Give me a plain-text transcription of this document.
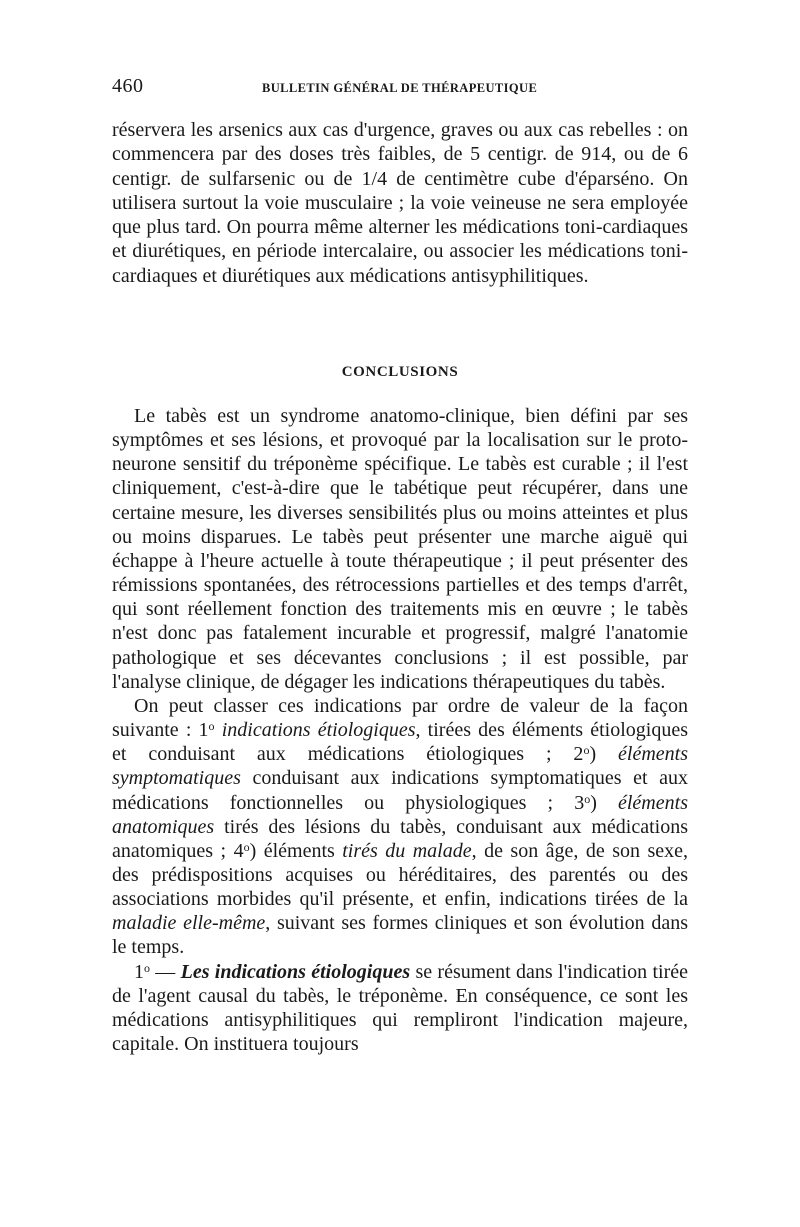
460	BULLETIN GÉNÉRAL DE THÉRAPEUTIQUE

réservera les arsenics aux cas d'urgence, graves ou aux cas rebelles : on commencera par des doses très faibles, de 5 centigr. de 914, ou de 6 centigr. de sulfarsenic ou de 1/4 de centimètre cube d'éparséno. On utilisera surtout la voie musculaire ; la voie veineuse ne sera employée que plus tard. On pourra même alterner les médications toni-cardiaques et diurétiques, en période intercalaire, ou associer les médications toni-cardiaques et diurétiques aux médications antisyphilitiques.

CONCLUSIONS

Le tabès est un syndrome anatomo-clinique, bien défini par ses symptômes et ses lésions, et provoqué par la localisation sur le proto-neurone sensitif du tréponème spécifique. Le tabès est curable ; il l'est cliniquement, c'est-à-dire que le tabétique peut récupérer, dans une certaine mesure, les diverses sensibilités plus ou moins atteintes et plus ou moins disparues. Le tabès peut présenter une marche aiguë qui échappe à l'heure actuelle à toute thérapeutique ; il peut présenter des rémissions spontanées, des rétrocessions partielles et des temps d'arrêt, qui sont réellement fonction des traitements mis en œuvre ; le tabès n'est donc pas fatalement incurable et progressif, malgré l'anatomie pathologique et ses décevantes conclusions ; il est possible, par l'analyse clinique, de dégager les indications thérapeutiques du tabès.

On peut classer ces indications par ordre de valeur de la façon suivante : 1$^o$ indications étiologiques, tirées des éléments étiologiques et conduisant aux médications étiologiques ; 2$^o$) éléments symptomatiques conduisant aux indications symptomatiques et aux médications fonctionnelles ou physiologiques ; 3$^o$) éléments anatomiques tirés des lésions du tabès, conduisant aux médications anatomiques ; 4$^o$) éléments tirés du malade, de son âge, de son sexe, des prédispositions acquises ou héréditaires, des parentés ou des associations morbides qu'il présente, et enfin, indications tirées de la maladie elle-même, suivant ses formes cliniques et son évolution dans le temps.

1$^o$ — Les indications étiologiques se résument dans l'indication tirée de l'agent causal du tabès, le tréponème. En conséquence, ce sont les médications antisyphilitiques qui rempliront l'indication majeure, capitale. On instituera toujours
